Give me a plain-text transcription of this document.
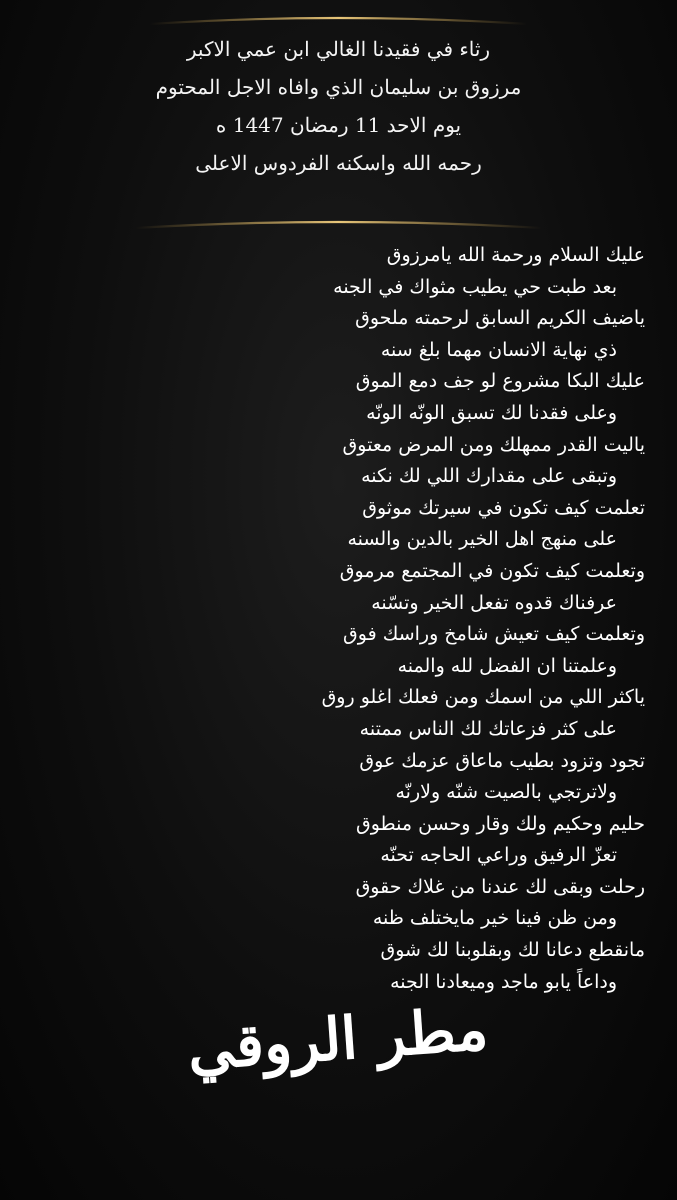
رثاء في فقيدنا الغالي ابن عمي الاكبر
مرزوق بن سليمان الذي وافاه الاجل المحتوم
يوم الاحد 11 رمضان 1447 ه
رحمه الله واسكنه الفردوس الاعلى
عليك السلام ورحمة الله يامرزوق
بعد طبت حي يطيب مثواك في الجنه
ياضيف الكريم السابق لرحمته ملحوق
ذي نهاية الانسان مهما بلغ سنه
عليك البكا مشروع لو جف دمع الموق
وعلى فقدنا لك تسبق الونّه الونّه
ياليت القدر ممهلك ومن المرض معتوق
وتبقى على مقدارك اللي لك نكنه
تعلمت كيف تكون في سيرتك موثوق
على منهج اهل الخير بالدين والسنه
وتعلمت كيف تكون في المجتمع مرموق
عرفناك قدوه تفعل الخير وتسّنه
وتعلمت كيف تعيش شامخ وراسك فوق
وعلمتنا ان الفضل لله والمنه
ياكثر اللي من اسمك ومن فعلك اغلو روق
على كثر فزعاتك لك الناس ممتنه
تجود وتزود بطيب ماعاق عزمك عوق
ولاترتجي بالصيت شنّه ولارنّه
حليم وحكيم ولك وقار وحسن منطوق
تعزّ الرفيق وراعي الحاجه تحنّه
رحلت وبقى لك عندنا من غلاك حقوق
ومن ظن فينا خير مايختلف ظنه
مانقطع دعانا لك وبقلوبنا لك شوق
وداعاً يابو ماجد وميعادنا الجنه
مطر الروقي
